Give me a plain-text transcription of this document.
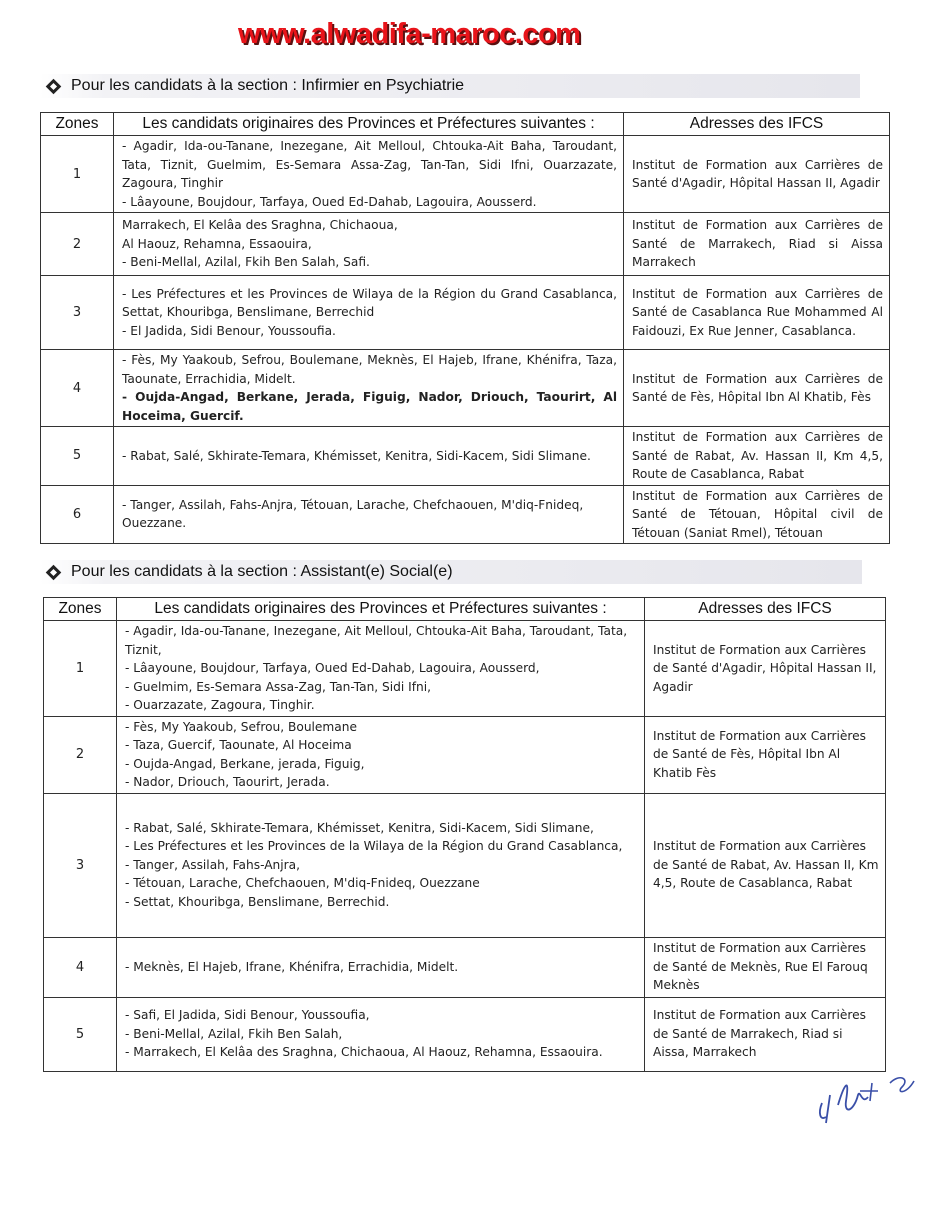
www.alwadifa-maroc.com
Pour les candidats à la section : Infirmier en Psychiatrie
Zones	Les candidats originaires des Provinces et Préfectures suivantes :	Adresses des IFCS
1	- Agadir, Ida-ou-Tanane, Inezegane, Ait Melloul, Chtouka-Ait Baha, Taroudant, Tata, Tiznit, Guelmim, Es-Semara Assa-Zag, Tan-Tan, Sidi Ifni, Ouarzazate, Zagoura, Tinghir
- Lâayoune, Boujdour, Tarfaya, Oued Ed-Dahab, Lagouira, Aousserd.	Institut de Formation aux Carrières de Santé d'Agadir, Hôpital Hassan II, Agadir
2	Marrakech, El Kelâa des Sraghna, Chichaoua,
Al Haouz, Rehamna, Essaouira,
- Beni-Mellal, Azilal, Fkih Ben Salah, Safi.	Institut de Formation aux Carrières de Santé de Marrakech, Riad si Aissa Marrakech
3	- Les Préfectures et les Provinces de Wilaya de la Région du Grand Casablanca, Settat, Khouribga, Benslimane, Berrechid
- El Jadida, Sidi Benour, Youssoufia.	Institut de Formation aux Carrières de Santé de Casablanca Rue Mohammed Al Faidouzi, Ex Rue Jenner, Casablanca.
4	- Fès, My Yaakoub, Sefrou, Boulemane, Meknès, El Hajeb, Ifrane, Khénifra, Taza, Taounate, Errachidia, Midelt.
- Oujda-Angad, Berkane, Jerada, Figuig, Nador, Driouch, Taourirt, Al Hoceima, Guercif.	Institut de Formation aux Carrières de Santé de Fès, Hôpital Ibn Al Khatib, Fès
5	- Rabat, Salé, Skhirate-Temara, Khémisset, Kenitra, Sidi-Kacem, Sidi Slimane.	Institut de Formation aux Carrières de Santé de Rabat, Av. Hassan II, Km 4,5, Route de Casablanca, Rabat
6	- Tanger, Assilah, Fahs-Anjra, Tétouan, Larache, Chefchaouen, M'diq-Fnideq, Ouezzane.	Institut de Formation aux Carrières de Santé de Tétouan, Hôpital civil de Tétouan (Saniat Rmel), Tétouan
Pour les candidats à la section : Assistant(e) Social(e)
Zones	Les candidats originaires des Provinces et Préfectures suivantes :	Adresses des IFCS
1	- Agadir, Ida-ou-Tanane, Inezegane, Ait Melloul, Chtouka-Ait Baha, Taroudant, Tata, Tiznit,
- Lâayoune, Boujdour, Tarfaya, Oued Ed-Dahab, Lagouira, Aousserd,
- Guelmim, Es-Semara Assa-Zag, Tan-Tan, Sidi Ifni,
- Ouarzazate, Zagoura, Tinghir.	Institut de Formation aux Carrières de Santé d'Agadir, Hôpital Hassan II, Agadir
2	- Fès, My Yaakoub, Sefrou, Boulemane
- Taza, Guercif, Taounate, Al Hoceima
- Oujda-Angad, Berkane, jerada, Figuig,
- Nador, Driouch, Taourirt, Jerada.	Institut de Formation aux Carrières de Santé de Fès, Hôpital Ibn Al Khatib Fès
3	- Rabat, Salé, Skhirate-Temara, Khémisset, Kenitra, Sidi-Kacem, Sidi Slimane,
- Les Préfectures et les Provinces de la Wilaya de la Région du Grand Casablanca,
- Tanger, Assilah, Fahs-Anjra,
- Tétouan, Larache, Chefchaouen, M'diq-Fnideq, Ouezzane
- Settat, Khouribga, Benslimane, Berrechid.	Institut de Formation aux Carrières de Santé de Rabat, Av. Hassan II, Km 4,5, Route de Casablanca, Rabat
4	- Meknès, El Hajeb, Ifrane, Khénifra, Errachidia, Midelt.	Institut de Formation aux Carrières de Santé de Meknès, Rue El Farouq Meknès
5	- Safi, El Jadida, Sidi Benour, Youssoufia,
- Beni-Mellal, Azilal, Fkih Ben Salah,
- Marrakech, El Kelâa des Sraghna, Chichaoua, Al Haouz, Rehamna, Essaouira.	Institut de Formation aux Carrières de Santé de Marrakech, Riad si Aissa, Marrakech
